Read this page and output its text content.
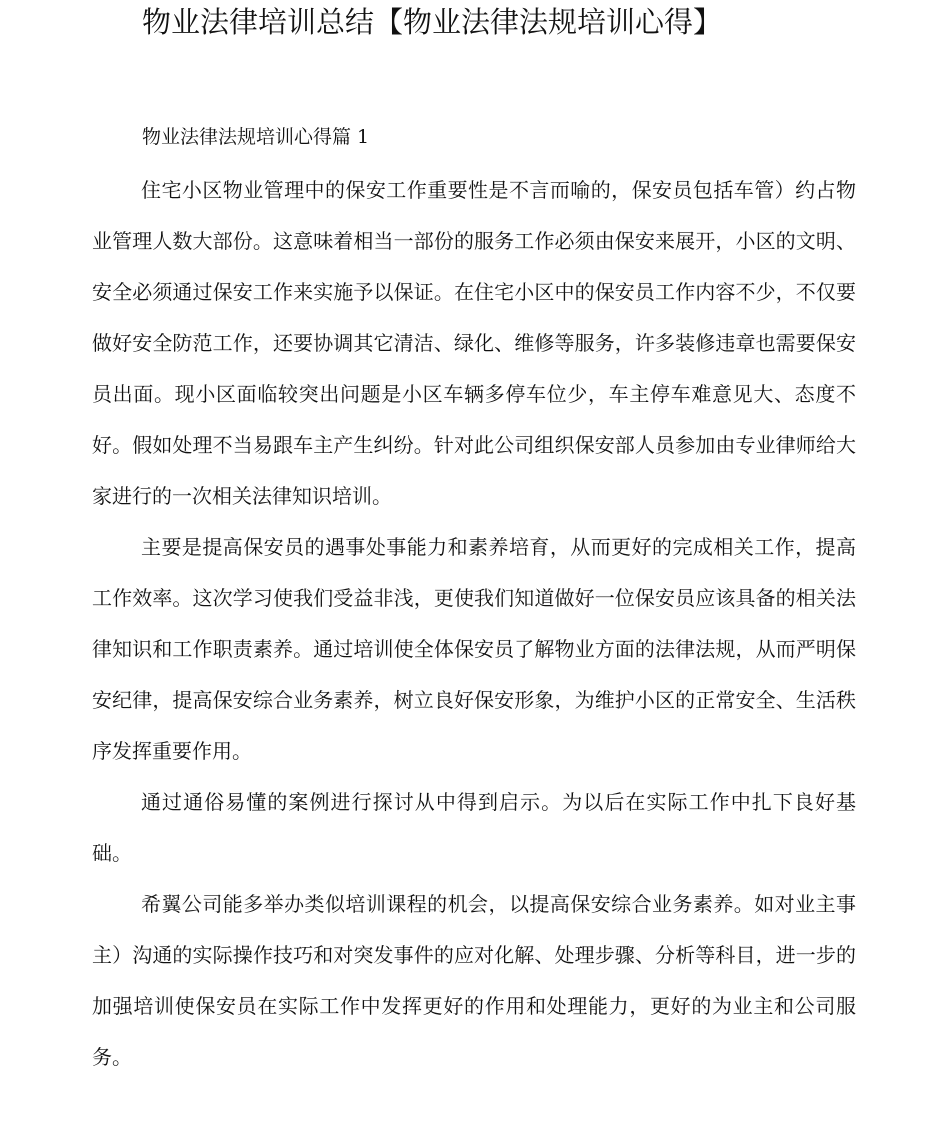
物业法律培训总结【物业法律法规培训心得】
物业法律法规培训心得篇 1

住宅小区物业管理中的保安工作重要性是不言而喻的，保安员包括车管）约占物业管理人数大部份。这意味着相当一部份的服务工作必须由保安来展开，小区的文明、安全必须通过保安工作来实施予以保证。在住宅小区中的保安员工作内容不少，不仅要做好安全防范工作，还要协调其它清洁、绿化、维修等服务，许多装修违章也需要保安员出面。现小区面临较突出问题是小区车辆多停车位少，车主停车难意见大、态度不好。假如处理不当易跟车主产生纠纷。针对此公司组织保安部人员参加由专业律师给大家进行的一次相关法律知识培训。

主要是提高保安员的遇事处事能力和素养培育，从而更好的完成相关工作，提高工作效率。这次学习使我们受益非浅，更使我们知道做好一位保安员应该具备的相关法律知识和工作职责素养。通过培训使全体保安员了解物业方面的法律法规，从而严明保安纪律，提高保安综合业务素养，树立良好保安形象，为维护小区的正常安全、生活秩序发挥重要作用。

通过通俗易懂的案例进行探讨从中得到启示。为以后在实际工作中扎下良好基础。

希翼公司能多举办类似培训课程的机会，以提高保安综合业务素养。如对业主事主）沟通的实际操作技巧和对突发事件的应对化解、处理步骤、分析等科目，进一步的加强培训使保安员在实际工作中发挥更好的作用和处理能力，更好的为业主和公司服务。
